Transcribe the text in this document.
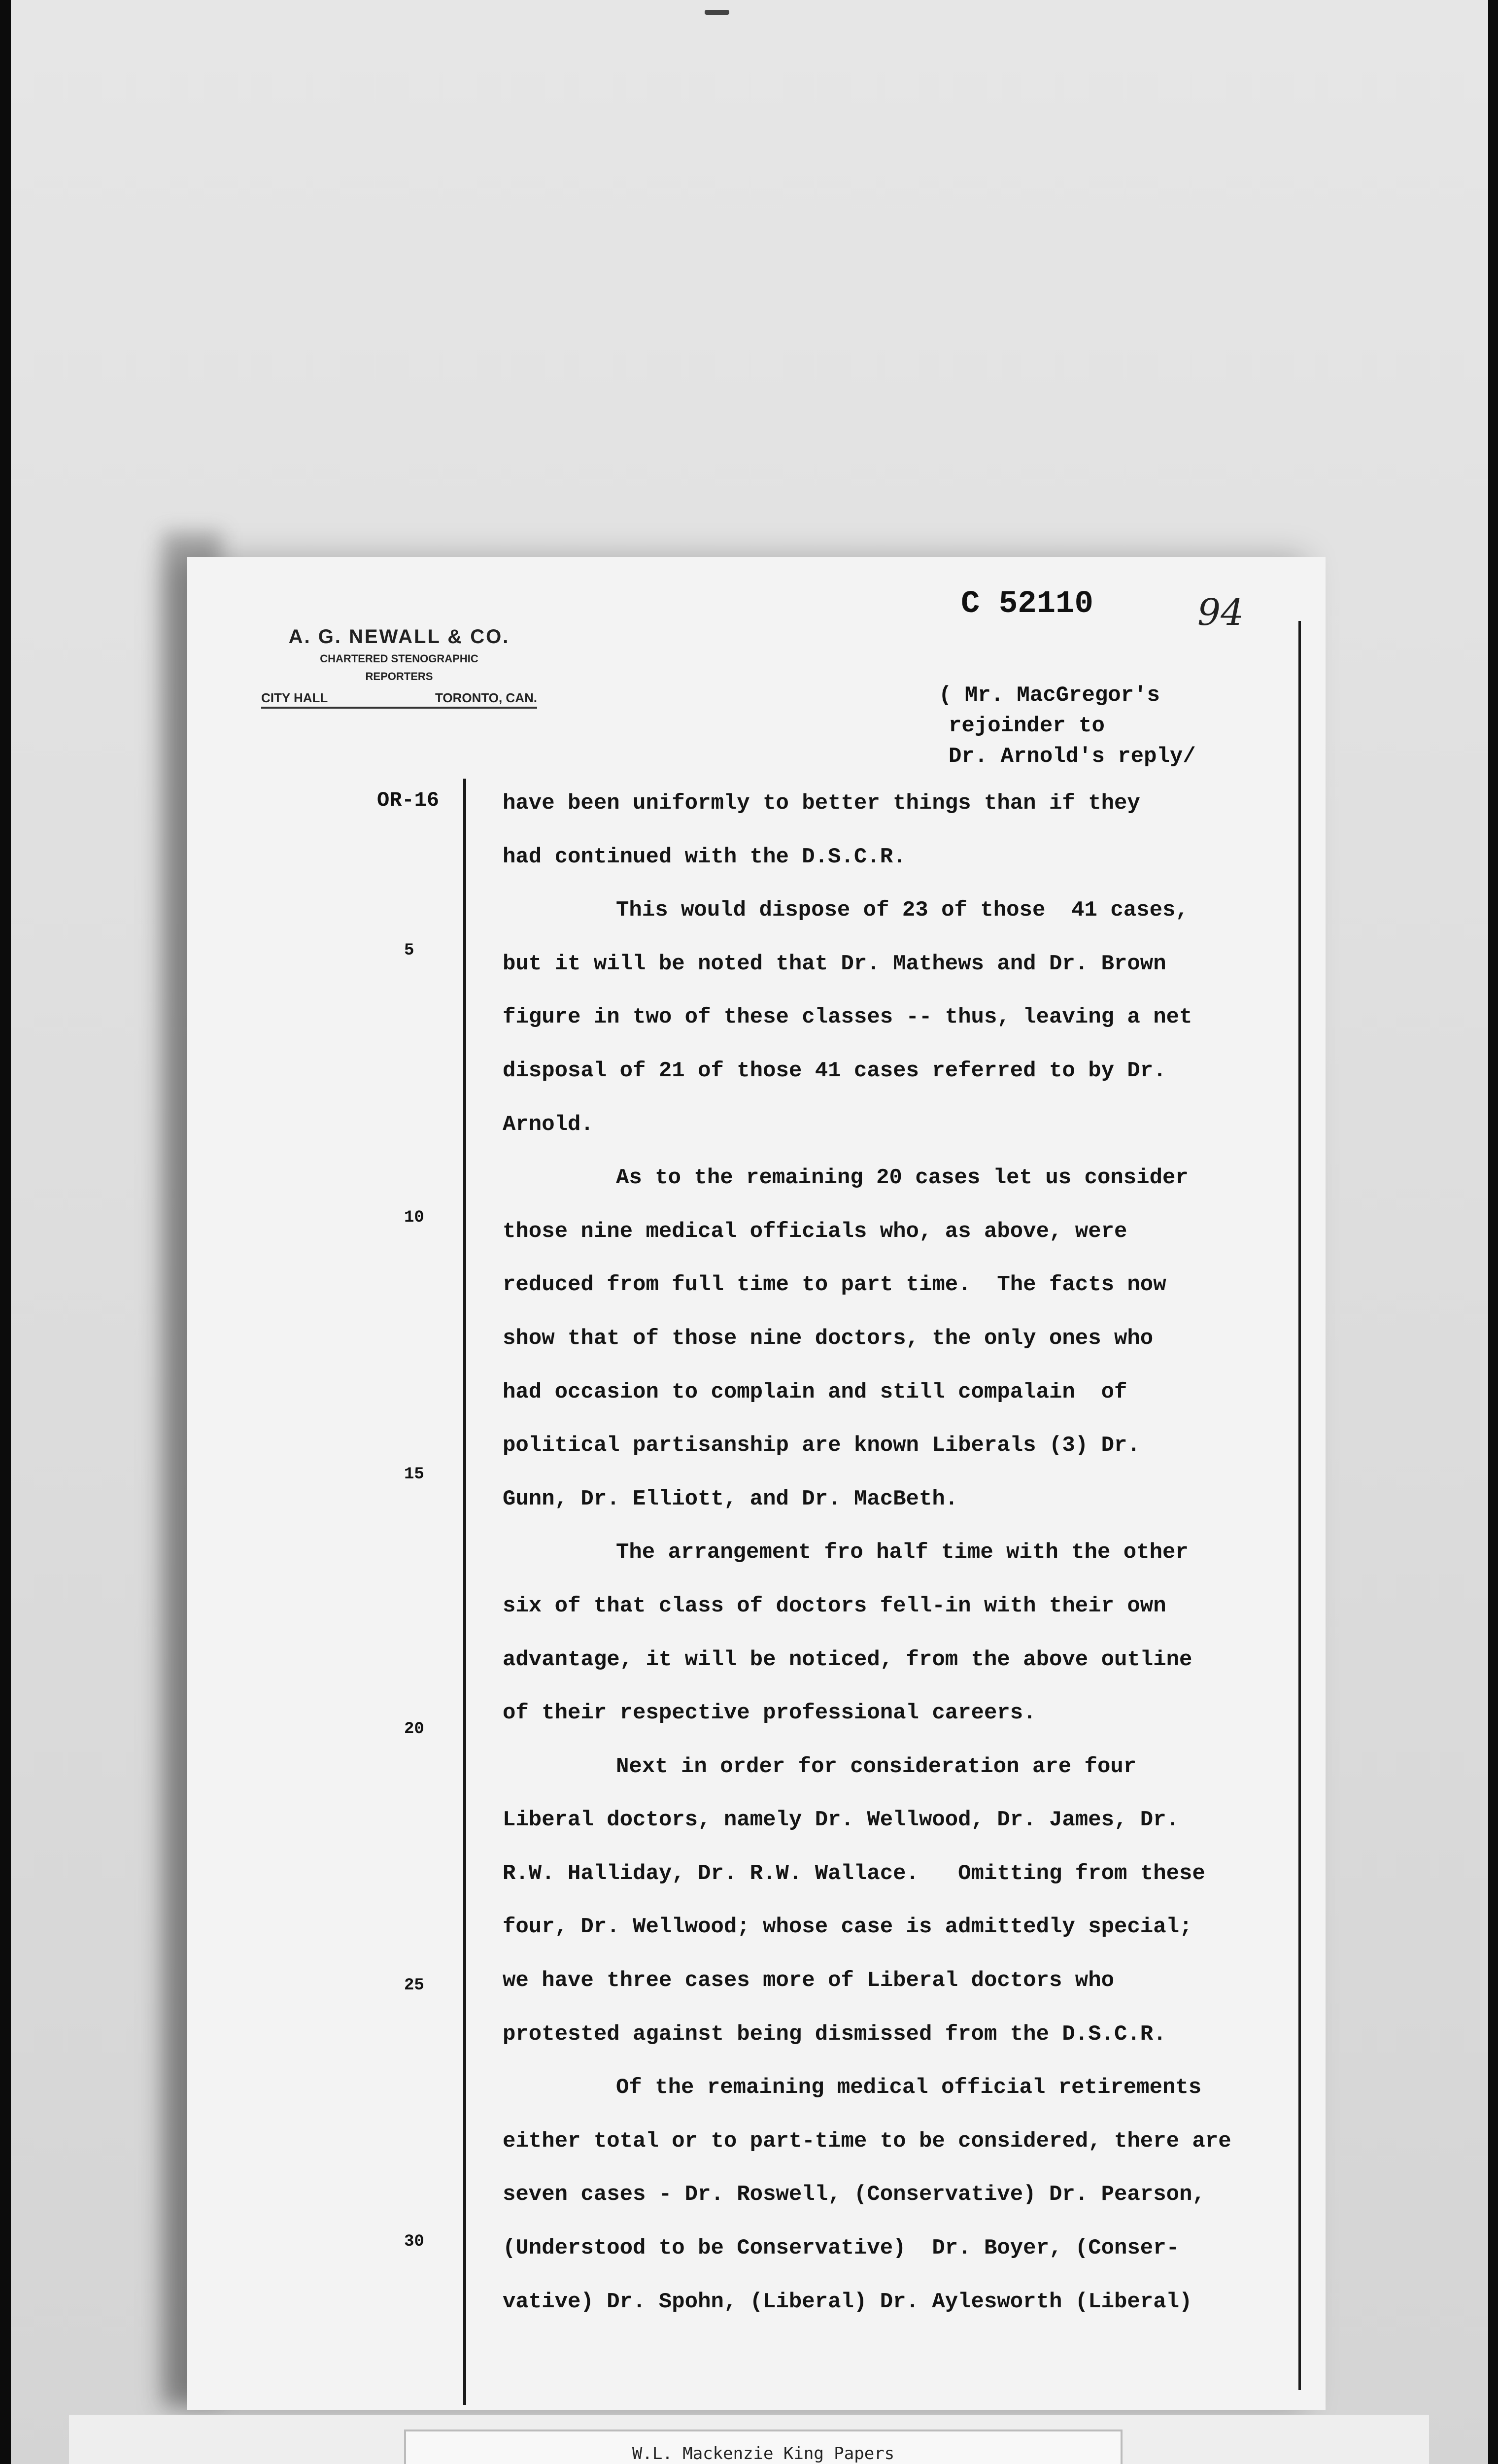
A. G. NEWALL & CO.
CHARTERED STENOGRAPHIC
REPORTERS
CITY HALL	TORONTO, CAN.
C 52110	94
( Mr. MacGregor's
rejoinder to
Dr. Arnold's reply/
OR-16
5
10
15
20
25
30
have been uniformly to better things than if they
had continued with the D.S.C.R.
This would dispose of 23 of those  41 cases,
but it will be noted that Dr. Mathews and Dr. Brown
figure in two of these classes -- thus, leaving a net
disposal of 21 of those 41 cases referred to by Dr.
Arnold.
As to the remaining 20 cases let us consider
those nine medical officials who, as above, were
reduced from full time to part time.  The facts now
show that of those nine doctors, the only ones who
had occasion to complain and still compalain  of
political partisanship are known Liberals (3) Dr.
Gunn, Dr. Elliott, and Dr. MacBeth.
The arrangement fro half time with the other
six of that class of doctors fell-in with their own
advantage, it will be noticed, from the above outline
of their respective professional careers.
Next in order for consideration are four
Liberal doctors, namely Dr. Wellwood, Dr. James, Dr.
R.W. Halliday, Dr. R.W. Wallace.   Omitting from these
four, Dr. Wellwood; whose case is admittedly special;
we have three cases more of Liberal doctors who
protested against being dismissed from the D.S.C.R.
Of the remaining medical official retirements
either total or to part-time to be considered, there are
seven cases - Dr. Roswell, (Conservative) Dr. Pearson,
(Understood to be Conservative)  Dr. Boyer, (Conser-
vative) Dr. Spohn, (Liberal) Dr. Aylesworth (Liberal)
W.L. Mackenzie King Papers
